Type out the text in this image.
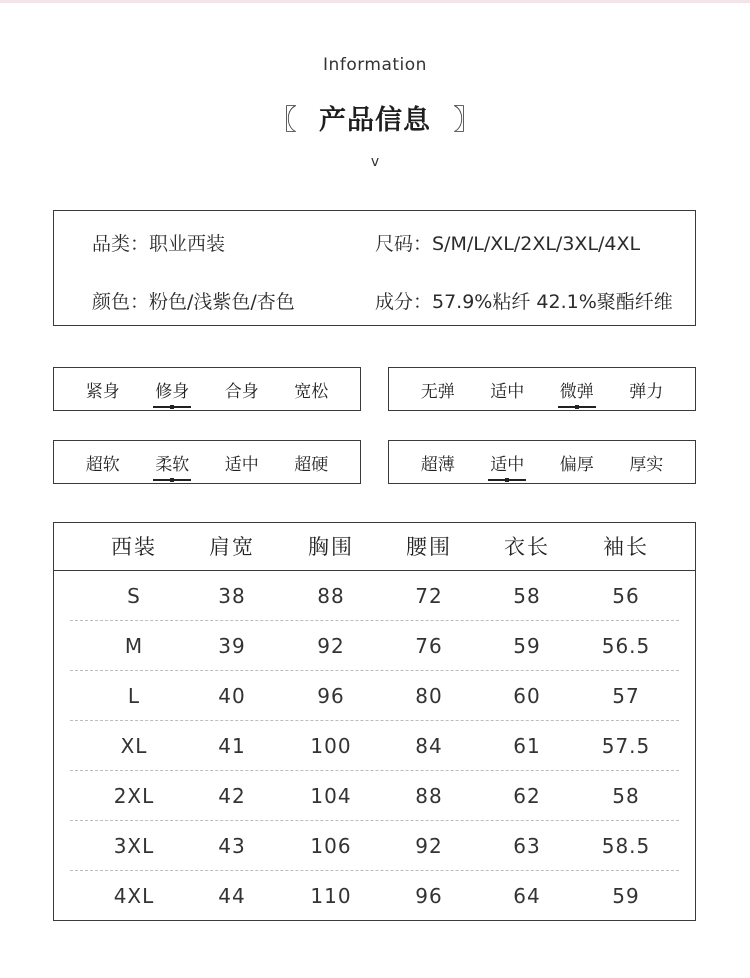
Information
〖 产品信息 〗
v
品类：职业西装	尺码：S/M/L/XL/2XL/3XL/4XL
颜色：粉色/浅紫色/杏色	成分：57.9%粘纤 42.1%聚酯纤维
紧身 修身 合身 宽松	无弹 适中 微弹 弹力
超软 柔软 适中 超硬	超薄 适中 偏厚 厚实
西装	肩宽	胸围	腰围	衣长	袖长
S	38	88	72	58	56
M	39	92	76	59	56.5
L	40	96	80	60	57
XL	41	100	84	61	57.5
2XL	42	104	88	62	58
3XL	43	106	92	63	58.5
4XL	44	110	96	64	59
